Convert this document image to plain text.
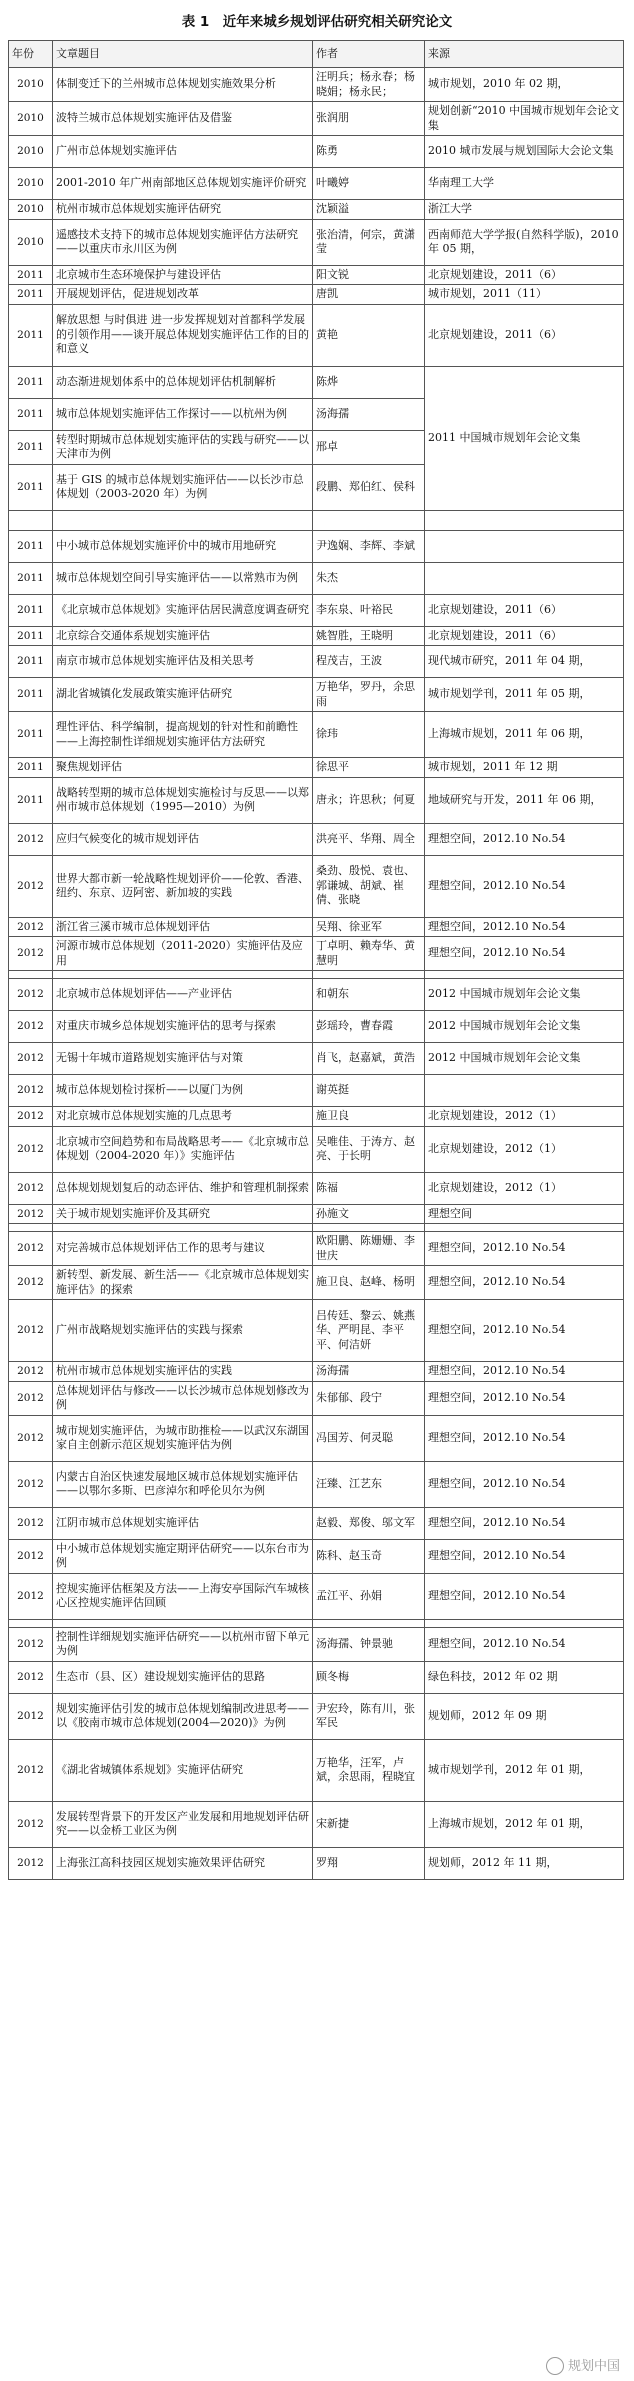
表 1　近年来城乡规划评估研究相关研究论文
年份	文章题目	作者	来源
2010	体制变迁下的兰州城市总体规划实施效果分析	汪明兵；杨永春；杨晓娟；杨永民；	城市规划，2010 年 02 期，
2010	波特兰城市总体规划实施评估及借鉴	张润朋	规划创新“2010 中国城市规划年会论文集
2010	广州市总体规划实施评估	陈勇	2010 城市发展与规划国际大会论文集
2010	2001-2010 年广州南部地区总体规划实施评价研究	叶曦婷	华南理工大学
2010	杭州市城市总体规划实施评估研究	沈颖溢	浙江大学
2010	遥感技术支持下的城市总体规划实施评估方法研究——以重庆市永川区为例	张治清，何宗，黄潇莹	西南师范大学学报(自然科学版)，2010 年 05 期，
2011	北京城市生态环境保护与建设评估	阳文锐	北京规划建设，2011（6）
2011	开展规划评估，促进规划改革	唐凯	城市规划，2011（11）
2011	解放思想 与时俱进 进一步发挥规划对首都科学发展的引领作用——谈开展总体规划实施评估工作的目的和意义	黄艳	北京规划建设，2011（6）
2011	动态渐进规划体系中的总体规划评估机制解析	陈烨	2011 中国城市规划年会论文集
2011	城市总体规划实施评估工作探讨——以杭州为例	汤海孺	
2011	转型时期城市总体规划实施评估的实践与研究——以天津市为例	邢卓	
2011	基于 GIS 的城市总体规划实施评估——以长沙市总体规划（2003-2020 年）为例	段鹏、郑伯红、侯科	

2011	中小城市总体规划实施评价中的城市用地研究	尹逸娴、李辉、李斌	
2011	城市总体规划空间引导实施评估——以常熟市为例	朱杰	
2011	《北京城市总体规划》实施评估居民满意度调查研究	李东泉、叶裕民	北京规划建设，2011（6）
2011	北京综合交通体系规划实施评估	姚智胜，王晓明	北京规划建设，2011（6）
2011	南京市城市总体规划实施评估及相关思考	程茂吉，王波	现代城市研究，2011 年 04 期，
2011	湖北省城镇化发展政策实施评估研究	万艳华，罗丹，余思雨	城市规划学刊，2011 年 05 期，
2011	理性评估、科学编制，提高规划的针对性和前瞻性——上海控制性详细规划实施评估方法研究	徐玮	上海城市规划，2011 年 06 期，
2011	聚焦规划评估	徐思平	城市规划，2011 年 12 期
2011	战略转型期的城市总体规划实施检讨与反思——以郑州市城市总体规划（1995—2010）为例	唐永；许思秋；何夏	地域研究与开发，2011 年 06 期，
2012	应归气候变化的城市规划评估	洪亮平、华翔、周全	理想空间，2012.10 No.54
2012	世界大都市新一轮战略性规划评价——伦敦、香港、纽约、东京、迈阿密、新加坡的实践	桑劲、殷悦、袁也、郭谦城、胡斌、崔倩、张晓	理想空间，2012.10 No.54
2012	浙江省三溪市城市总体规划评估	吴翔、徐亚军	理想空间，2012.10 No.54
2012	河源市城市总体规划（2011-2020）实施评估及应用	丁卓明、赖寿华、黄慧明	理想空间，2012.10 No.54

2012	北京城市总体规划评估——产业评估	和朝东	2012 中国城市规划年会论文集
2012	对重庆市城乡总体规划实施评估的思考与探索	彭瑶玲，曹春霞	2012 中国城市规划年会论文集
2012	无锡十年城市道路规划实施评估与对策	肖飞，赵嘉斌，黄浩	2012 中国城市规划年会论文集
2012	城市总体规划检讨探析——以厦门为例	谢英挺	
2012	对北京城市总体规划实施的几点思考	施卫良	北京规划建设，2012（1）
2012	北京城市空间趋势和布局战略思考——《北京城市总体规划（2004-2020 年）》实施评估	吴唯佳、于涛方、赵亮、于长明	北京规划建设，2012（1）
2012	总体规划规划复后的动态评估、维护和管理机制探索	陈福	北京规划建设，2012（1）
2012	关于城市规划实施评价及其研究	孙施文	理想空间

2012	对完善城市总体规划评估工作的思考与建议	欧阳鹏、陈姗姗、李世庆	理想空间，2012.10 No.54
2012	新转型、新发展、新生活——《北京城市总体规划实施评估》的探索	施卫良、赵峰、杨明	理想空间，2012.10 No.54
2012	广州市战略规划实施评估的实践与探索	吕传廷、黎云、姚燕华、严明昆、李平平、何洁妍	理想空间，2012.10 No.54
2012	杭州市城市总体规划实施评估的实践	汤海孺	理想空间，2012.10 No.54
2012	总体规划评估与修改——以长沙城市总体规划修改为例	朱郁郁、段宁	理想空间，2012.10 No.54
2012	城市规划实施评估，为城市助推检——以武汉东湖国家自主创新示范区规划实施评估为例	冯国芳、何灵聪	理想空间，2012.10 No.54
2012	内蒙古自治区快速发展地区城市总体规划实施评估——以鄂尔多斯、巴彦淖尔和呼伦贝尔为例	汪臻、江艺东	理想空间，2012.10 No.54
2012	江阴市城市总体规划实施评估	赵毅、郑俊、邬文军	理想空间，2012.10 No.54
2012	中小城市总体规划实施定期评估研究——以东台市为例	陈科、赵玉奇	理想空间，2012.10 No.54
2012	控规实施评估框架及方法——上海安亭国际汽车城核心区控规实施评估回顾	孟江平、孙娟	理想空间，2012.10 No.54

2012	控制性详细规划实施评估研究——以杭州市留下单元为例	汤海孺、钟景驰	理想空间，2012.10 No.54
2012	生态市（县、区）建设规划实施评估的思路	顾冬梅	绿色科技，2012 年 02 期
2012	规划实施评估引发的城市总体规划编制改进思考——以《胶南市城市总体规划(2004—2020)》为例	尹宏玲，陈有川，张军民	规划师，2012 年 09 期
2012	《湖北省城镇体系规划》实施评估研究	万艳华，汪军，卢斌，余思雨，程晓宜	城市规划学刊，2012 年 01 期，
2012	发展转型背景下的开发区产业发展和用地规划评估研究——以金桥工业区为例	宋新捷	上海城市规划，2012 年 01 期，
2012	上海张江高科技园区规划实施效果评估研究	罗翔	规划师，2012 年 11 期，
规划中国
